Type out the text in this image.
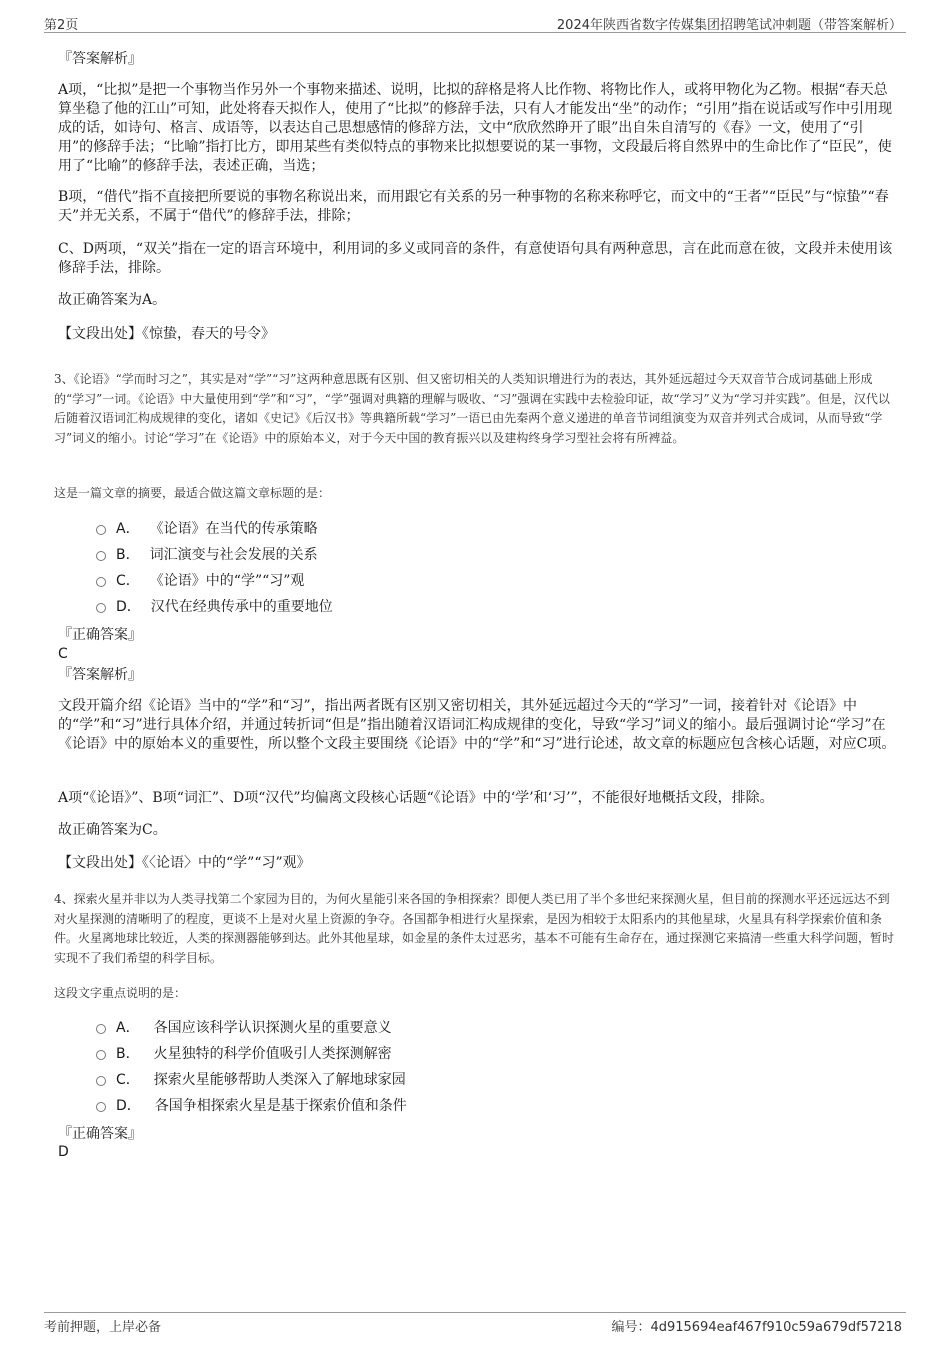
第2页	2024年陕西省数字传媒集团招聘笔试冲刺题（带答案解析）
『答案解析』
A项，“比拟”是把一个事物当作另外一个事物来描述、说明，比拟的辞格是将人比作物、将物比作人，或将甲物化为乙物。根据“春天总算坐稳了他的江山”可知，此处将春天拟作人，使用了“比拟”的修辞手法，只有人才能发出“坐”的动作；“引用”指在说话或写作中引用现成的话，如诗句、格言、成语等，以表达自己思想感情的修辞方法，文中“欣欣然睁开了眼”出自朱自清写的《春》一文，使用了“引用”的修辞手法；“比喻”指打比方，即用某些有类似特点的事物来比拟想要说的某一事物，文段最后将自然界中的生命比作了“臣民”，使用了“比喻”的修辞手法，表述正确，当选；
B项，“借代”指不直接把所要说的事物名称说出来，而用跟它有关系的另一种事物的名称来称呼它，而文中的“王者”“臣民”与“惊蛰”“春天”并无关系，不属于“借代”的修辞手法，排除；
C、D两项，“双关”指在一定的语言环境中，利用词的多义或同音的条件，有意使语句具有两种意思，言在此而意在彼，文段并未使用该修辞手法，排除。
故正确答案为A。
【文段出处】《惊蛰，春天的号令》
3、《论语》“学而时习之”，其实是对“学”“习”这两种意思既有区别、但又密切相关的人类知识增进行为的表达，其外延远超过今天双音节合成词基础上形成的“学习”一词。《论语》中大量使用到“学”和“习”，“学”强调对典籍的理解与吸收、“习”强调在实践中去检验印证，故“学习”义为“学习并实践”。但是，汉代以后随着汉语词汇构成规律的变化，诸如《史记》《后汉书》等典籍所载“学习”一语已由先秦两个意义递进的单音节词组演变为双音并列式合成词，从而导致“学习”词义的缩小。讨论“学习”在《论语》中的原始本义，对于今天中国的教育振兴以及建构终身学习型社会将有所裨益。
这是一篇文章的摘要，最适合做这篇文章标题的是：
A． 《论语》在当代的传承策略
B． 词汇演变与社会发展的关系
C． 《论语》中的“学”“习”观
D． 汉代在经典传承中的重要地位
『正确答案』
C
『答案解析』
文段开篇介绍《论语》当中的“学”和“习”，指出两者既有区别又密切相关，其外延远超过今天的“学习”一词，接着针对《论语》中的“学”和“习”进行具体介绍，并通过转折词“但是”指出随着汉语词汇构成规律的变化，导致“学习”词义的缩小。最后强调讨论“学习”在《论语》中的原始本义的重要性，所以整个文段主要围绕《论语》中的“学”和“习”进行论述，故文章的标题应包含核心话题，对应C项。
A项“《论语》”、B项“词汇”、D项“汉代”均偏离文段核心话题“《论语》中的‘学’和‘习’”，不能很好地概括文段，排除。
故正确答案为C。
【文段出处】《〈论语〉中的“学”“习”观》
4、探索火星并非以为人类寻找第二个家园为目的，为何火星能引来各国的争相探索？即便人类已用了半个多世纪来探测火星，但目前的探测水平还远远达不到对火星探测的清晰明了的程度，更谈不上是对火星上资源的争夺。各国都争相进行火星探索，是因为相较于太阳系内的其他星球，火星具有科学探索价值和条件。火星离地球比较近，人类的探测器能够到达。此外其他星球，如金星的条件太过恶劣，基本不可能有生命存在，通过探测它来搞清一些重大科学问题，暂时实现不了我们希望的科学目标。
这段文字重点说明的是：
A． 各国应该科学认识探测火星的重要意义
B． 火星独特的科学价值吸引人类探测解密
C． 探索火星能够帮助人类深入了解地球家园
D． 各国争相探索火星是基于探索价值和条件
『正确答案』
D
考前押题，上岸必备	编号：4d915694eaf467f910c59a679df57218
